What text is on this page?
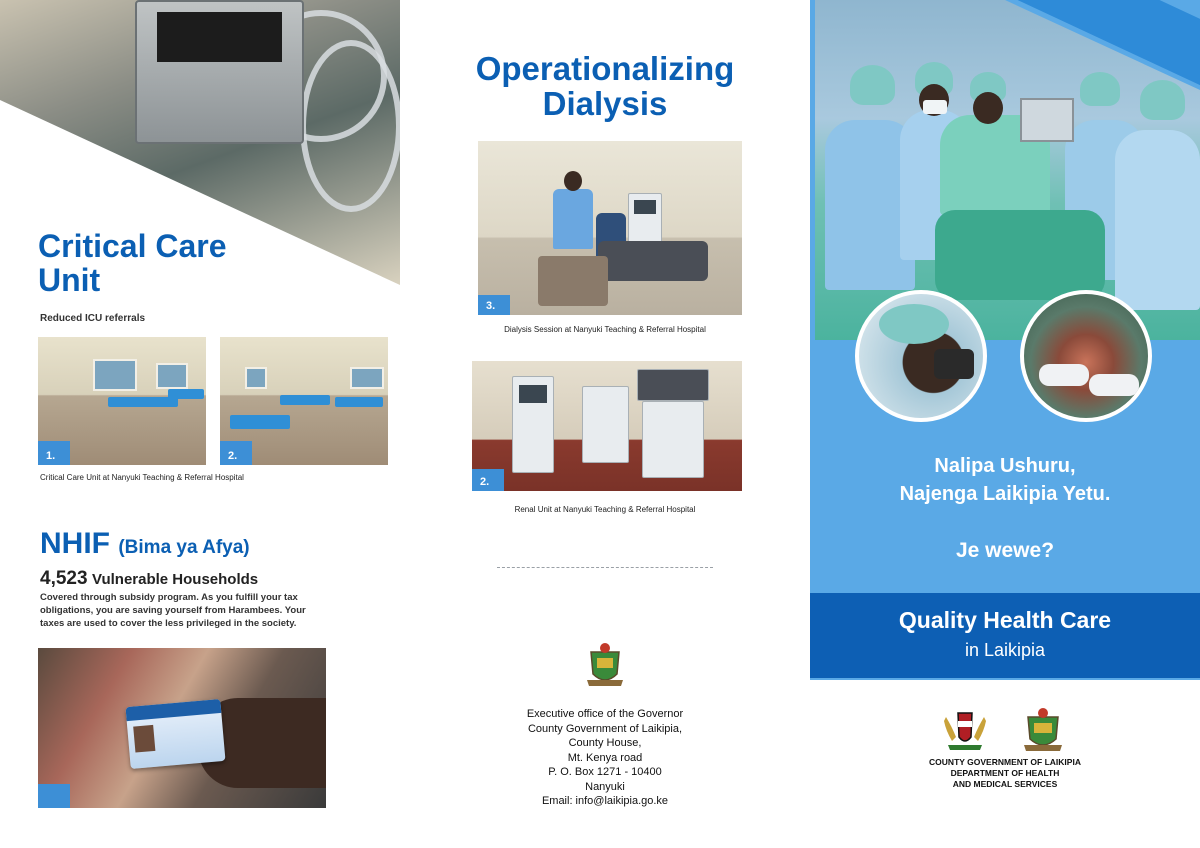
Critical Care
Unit

Reduced ICU referrals

1.	2.

Critical Care Unit at Nanyuki Teaching & Referral Hospital

NHIF (Bima ya Afya)

4,523 Vulnerable Households

Covered through subsidy program. As you fulfill your tax
obligations, you are saving yourself from Harambees. Your
taxes are used to cover the less privileged in the society.

Operationalizing
Dialysis
3.

Dialysis Session at Nanyuki Teaching & Referral Hospital

2.

Renal Unit at Nanyuki Teaching & Referral Hospital

Executive office of the Governor
County Government of Laikipia,
County House,
Mt. Kenya road
P. O. Box 1271 - 10400
Nanyuki
Email: info@laikipia.go.ke

Nalipa Ushuru,
Najenga Laikipia Yetu.

Je wewe?

Quality Health Care

in Laikipia

COUNTY GOVERNMENT OF LAIKIPIA
DEPARTMENT OF HEALTH
AND MEDICAL SERVICES
